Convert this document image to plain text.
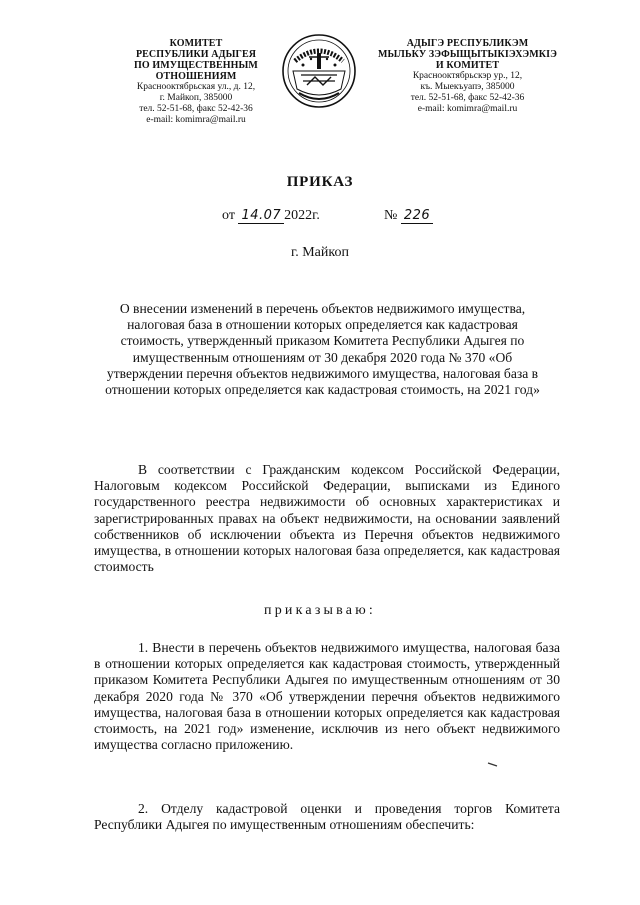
КОМИТЕТ
РЕСПУБЛИКИ АДЫГЕЯ
ПО ИМУЩЕСТВЕННЫМ ОТНОШЕНИЯМ
Краснооктябрьская ул., д. 12,
г. Майкоп, 385000
тел. 52-51-68, факс 52-42-36
e-mail: komimra@mail.ru
АДЫГЭ РЕСПУБЛИКЭМ
МЫЛЬКУ ЗЭФЫЩЫТЫКІЭХЭМКІЭ
И КОМИТЕТ
Краснооктябрьскэр ур., 12,
къ. Мыекъуапэ, 385000
тел. 52-51-68, факс 52-42-36
e-mail: komimra@mail.ru
ПРИКАЗ
от 14.07 2022г.	№ 226
г. Майкоп
О внесении изменений в перечень объектов недвижимого имущества, налоговая база в отношении которых определяется как кадастровая стоимость, утвержденный приказом Комитета Республики Адыгея по имущественным отношениям от 30 декабря 2020 года № 370 «Об утверждении перечня объектов недвижимого имущества, налоговая база в отношении которых определяется как кадастровая стоимость, на 2021 год»
В соответствии с Гражданским кодексом Российской Федерации, Налоговым кодексом Российской Федерации, выписками из Единого государственного реестра недвижимости об основных характеристиках и зарегистрированных правах на объект недвижимости, на основании заявлений собственников об исключении объекта из Перечня объектов недвижимого имущества, в отношении которых налоговая база определяется, как кадастровая стоимость
приказываю:
1. Внести в перечень объектов недвижимого имущества, налоговая база в отношении которых определяется как кадастровая стоимость, утвержденный приказом Комитета Республики Адыгея по имущественным отношениям от 30 декабря 2020 года № 370 «Об утверждении перечня объектов недвижимого имущества, налоговая база в отношении которых определяется как кадастровая стоимость, на 2021 год» изменение, исключив из него объект недвижимого имущества согласно приложению.
2. Отделу кадастровой оценки и проведения торгов Комитета Республики Адыгея по имущественным отношениям обеспечить:
